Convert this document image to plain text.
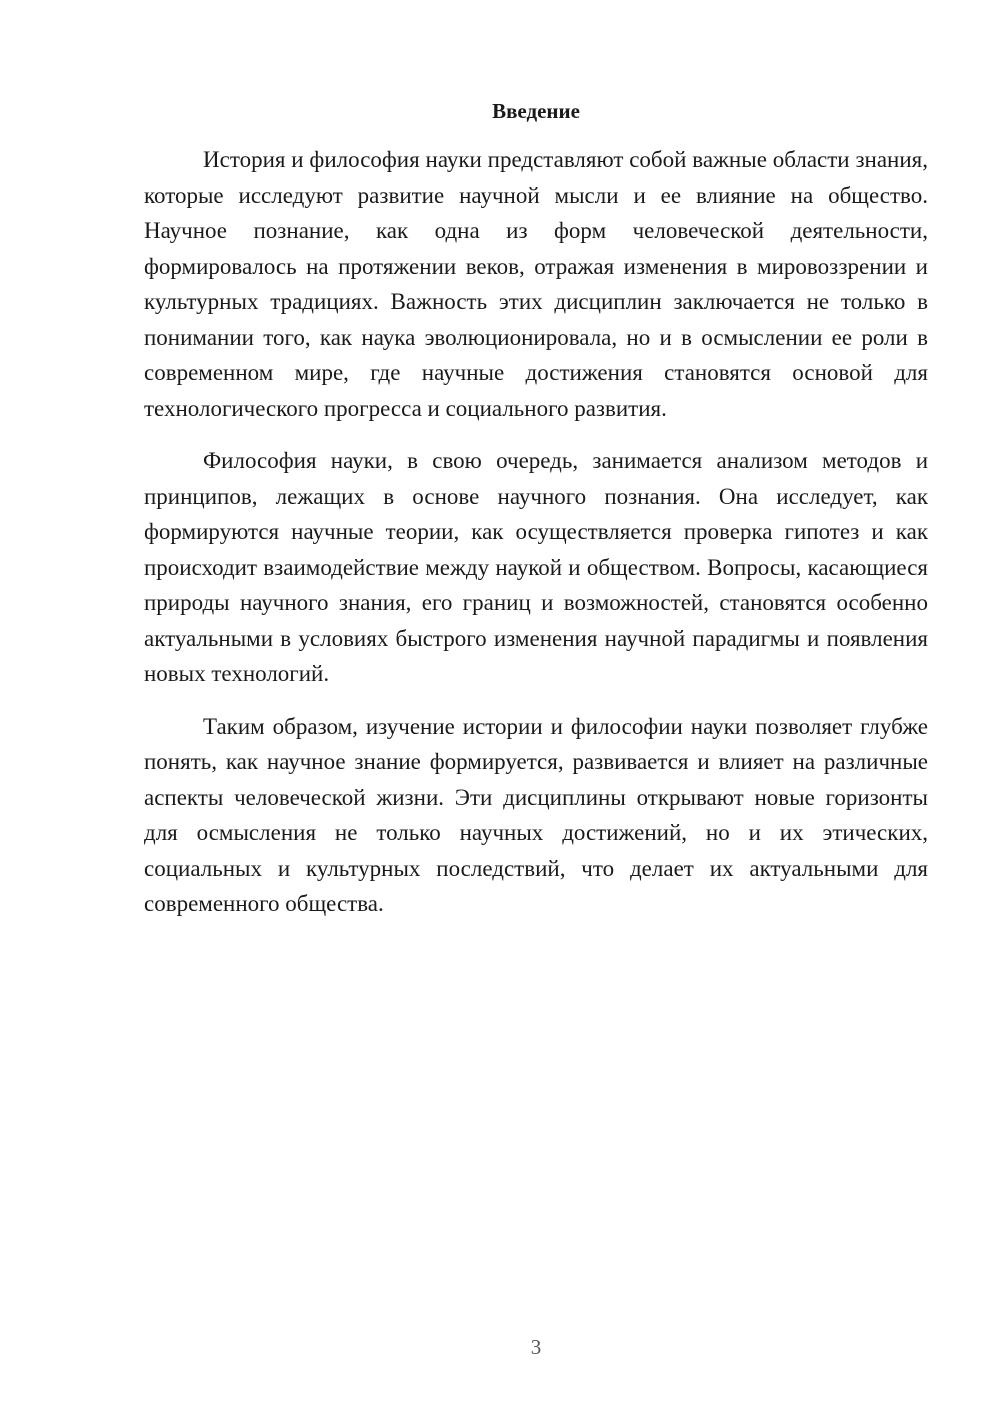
Введение

История и философия науки представляют собой важные области знания, которые исследуют развитие научной мысли и ее влияние на общество. Научное познание, как одна из форм человеческой деятельности, формировалось на протяжении веков, отражая изменения в мировоззрении и культурных традициях. Важность этих дисциплин заключается не только в понимании того, как наука эволюционировала, но и в осмыслении ее роли в современном мире, где научные достижения становятся основой для технологического прогресса и социального развития.

Философия науки, в свою очередь, занимается анализом методов и принципов, лежащих в основе научного познания. Она исследует, как формируются научные теории, как осуществляется проверка гипотез и как происходит взаимодействие между наукой и обществом. Вопросы, касающиеся природы научного знания, его границ и возможностей, становятся особенно актуальными в условиях быстрого изменения научной парадигмы и появления новых технологий.

Таким образом, изучение истории и философии науки позволяет глубже понять, как научное знание формируется, развивается и влияет на различные аспекты человеческой жизни. Эти дисциплины открывают новые горизонты для осмысления не только научных достижений, но и их этических, социальных и культурных последствий, что делает их актуальными для современного общества.

3
